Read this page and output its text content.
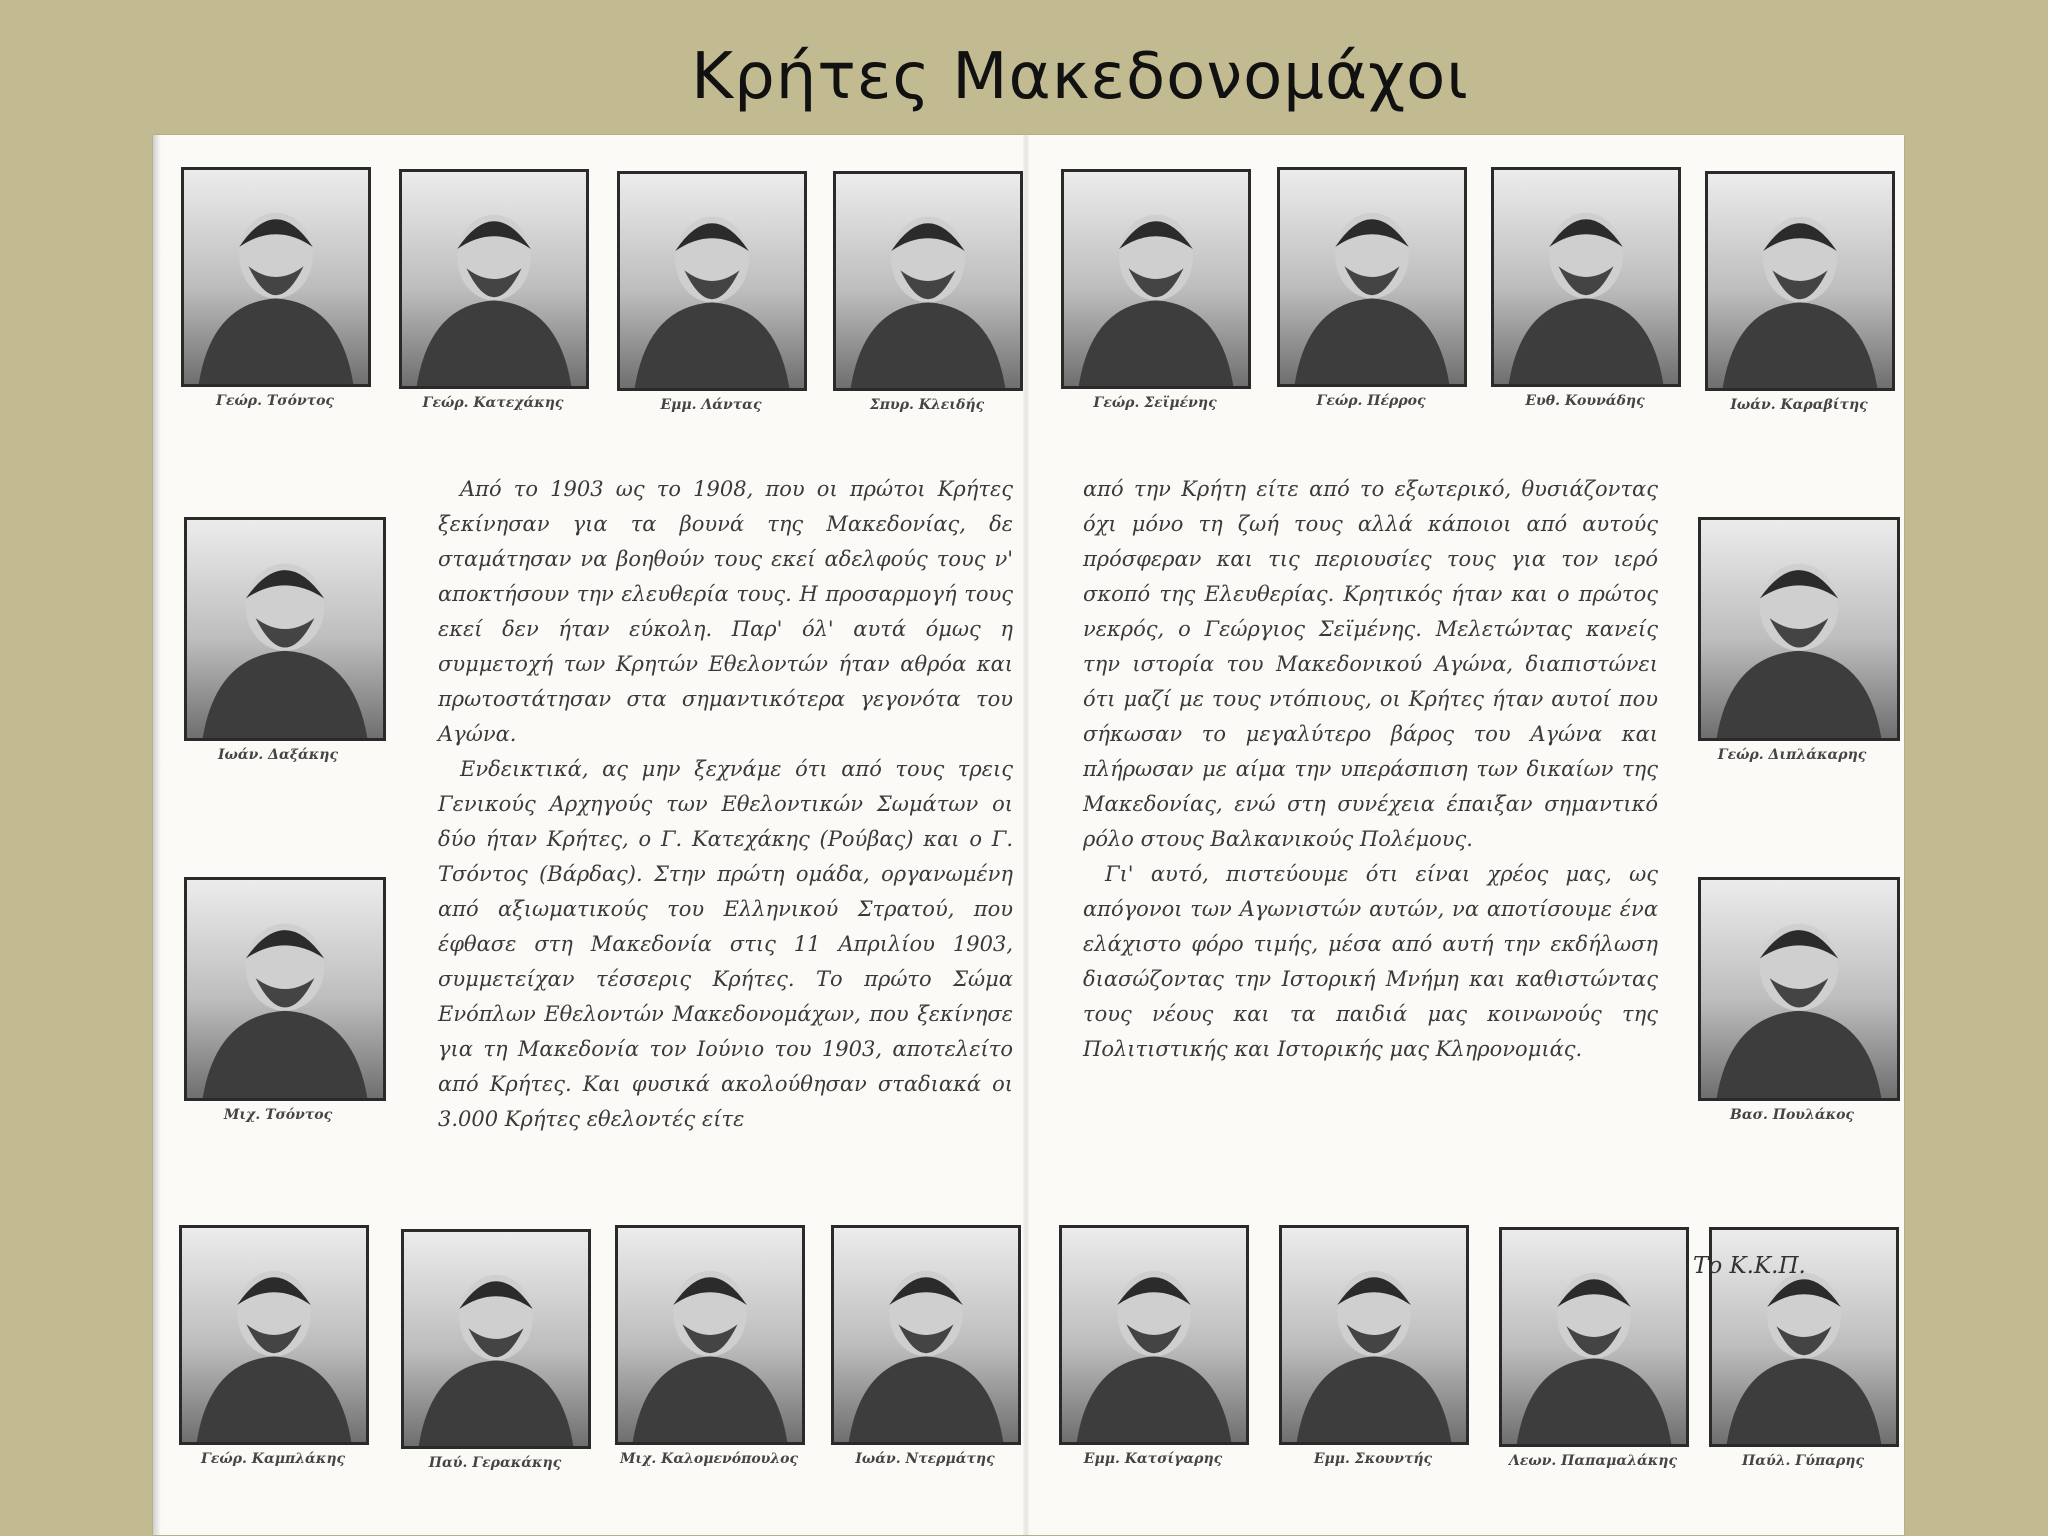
Κρήτες Μακεδονομάχοι
Γεώρ. Τσόντος	Γεώρ. Κατεχάκης	Εμμ. Λάντας	Σπυρ. Κλειδής	Γεώρ. Σεϊμένης	Γεώρ. Πέρρος	Ευθ. Κουνάδης	Ιωάν. Καραβίτης
Ιωάν. Δαξάκης
Μιχ. Τσόντος
Γεώρ. Διπλάκαρης
Βασ. Πουλάκος
Γεώρ. Καμπλάκης	Παύ. Γερακάκης	Μιχ. Καλομενόπουλος	Ιωάν. Ντερμάτης	Εμμ. Κατσίγαρης	Εμμ. Σκουντής	Λεων. Παπαμαλάκης	Παύλ. Γύπαρης

Από το 1903 ως το 1908, που οι πρώτοι Κρήτες ξεκίνησαν για τα βουνά της Μακεδονίας, δε σταμάτησαν να βοηθούν τους εκεί αδελφούς τους ν' αποκτήσουν την ελευθερία τους. Η προσαρμογή τους εκεί δεν ήταν εύκολη. Παρ' όλ' αυτά όμως η συμμετοχή των Κρητών Εθελοντών ήταν αθρόα και πρωτοστάτησαν στα σημαντικότερα γεγονότα του Αγώνα.

Ενδεικτικά, ας μην ξεχνάμε ότι από τους τρεις Γενικούς Αρχηγούς των Εθελοντικών Σωμάτων οι δύο ήταν Κρήτες, ο Γ. Κατεχάκης (Ρούβας) και ο Γ. Τσόντος (Βάρδας). Στην πρώτη ομάδα, οργανωμένη από αξιωματικούς του Ελληνικού Στρατού, που έφθασε στη Μακεδονία στις 11 Απριλίου 1903, συμμετείχαν τέσσερις Κρήτες. Το πρώτο Σώμα Ενόπλων Εθελοντών Μακεδονομάχων, που ξεκίνησε για τη Μακεδονία τον Ιούνιο του 1903, αποτελείτο από Κρήτες. Και φυσικά ακολούθησαν σταδιακά οι 3.000 Κρήτες εθελοντές είτε

από την Κρήτη είτε από το εξωτερικό, θυσιάζοντας όχι μόνο τη ζωή τους αλλά κάποιοι από αυτούς πρόσφεραν και τις περιουσίες τους για τον ιερό σκοπό της Ελευθερίας. Κρητικός ήταν και ο πρώτος νεκρός, ο Γεώργιος Σεϊμένης. Μελετώντας κανείς την ιστορία του Μακεδονικού Αγώνα, διαπιστώνει ότι μαζί με τους ντόπιους, οι Κρήτες ήταν αυτοί που σήκωσαν το μεγαλύτερο βάρος του Αγώνα και πλήρωσαν με αίμα την υπεράσπιση των δικαίων της Μακεδονίας, ενώ στη συνέχεια έπαιξαν σημαντικό ρόλο στους Βαλκανικούς Πολέμους.

Γι' αυτό, πιστεύουμε ότι είναι χρέος μας, ως απόγονοι των Αγωνιστών αυτών, να αποτίσουμε ένα ελάχιστο φόρο τιμής, μέσα από αυτή την εκδήλωση διασώζοντας την Ιστορική Μνήμη και καθιστώντας τους νέους και τα παιδιά μας κοινωνούς της Πολιτιστικής και Ιστορικής μας Κληρονομιάς.

Το Κ.Κ.Π.
